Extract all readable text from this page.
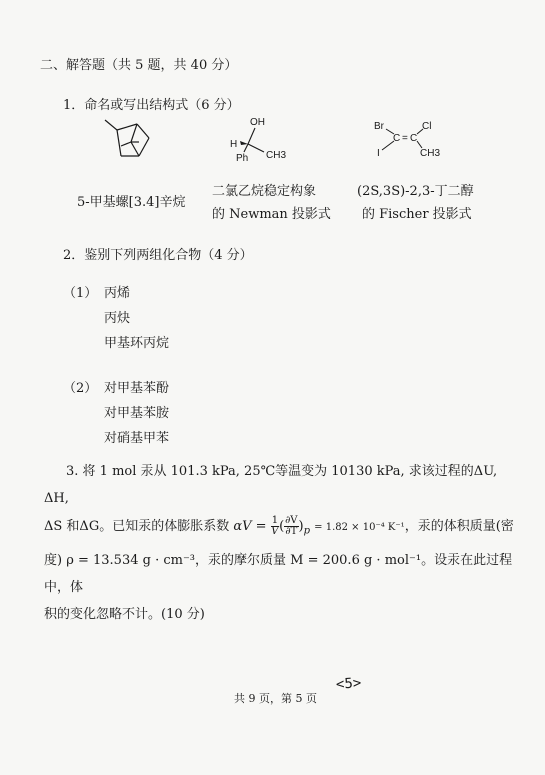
二、解答题（共 5 题，共 40 分）
1．命名或写出结构式（6 分）
OH
H
Ph CH3
Br	Cl
C = C
I	CH3
5-甲基螺[3.4]辛烷
二氯乙烷稳定构象
的 Newman 投影式
(2S,3S)-2,3-丁二醇
的 Fischer 投影式
2．鉴别下列两组化合物（4 分）
（1） 丙烯
丙炔
甲基环丙烷
（2） 对甲基苯酚
对甲基苯胺
对硝基甲苯
3. 将 1 mol 汞从 101.3 kPa, 25℃等温变为 10130 kPa, 求该过程的ΔU, ΔH,
ΔS 和ΔG。已知汞的体膨胀系数 $\alpha V = \frac{1}{V}$ ( $\frac{\partial V}{\partial T} )_p = 1.82 \times 10^{-4}$ K⁻¹，汞的体积质量(密
度) ρ = 13.534 g · cm⁻³，汞的摩尔质量 M = 200.6 g · mol⁻¹。设汞在此过程中，体
积的变化忽略不计。(10 分)
共 9 页，第 5 页
<5>
